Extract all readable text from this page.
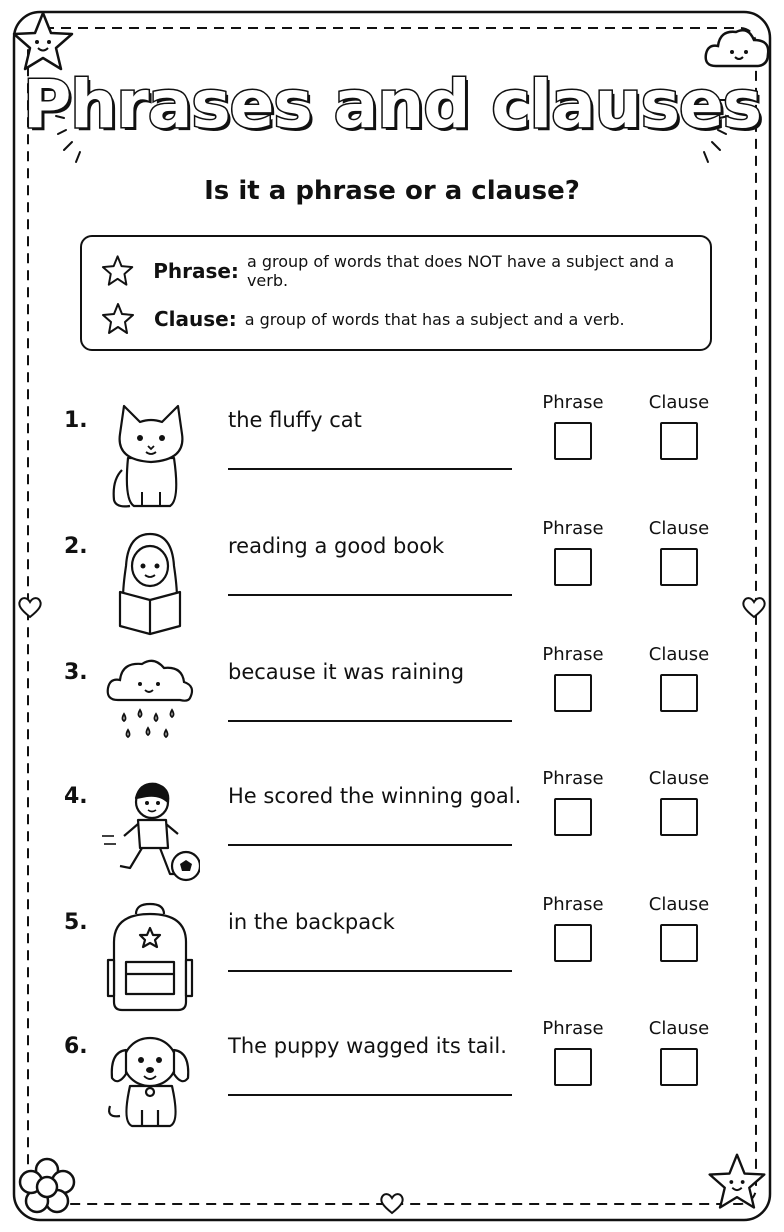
Phrases and clauses
Is it a phrase or a clause?
Phrase: a group of words that does NOT have a subject and a verb.
Clause: a group of words that has a subject and a verb.
1.	the fluffy cat
Phrase	Clause
2.	reading a good book
Phrase	Clause
3.	because it was raining
Phrase	Clause
4.	He scored the winning goal.
Phrase	Clause
5.	in the backpack
Phrase	Clause
6.	The puppy wagged its tail.
Phrase	Clause
